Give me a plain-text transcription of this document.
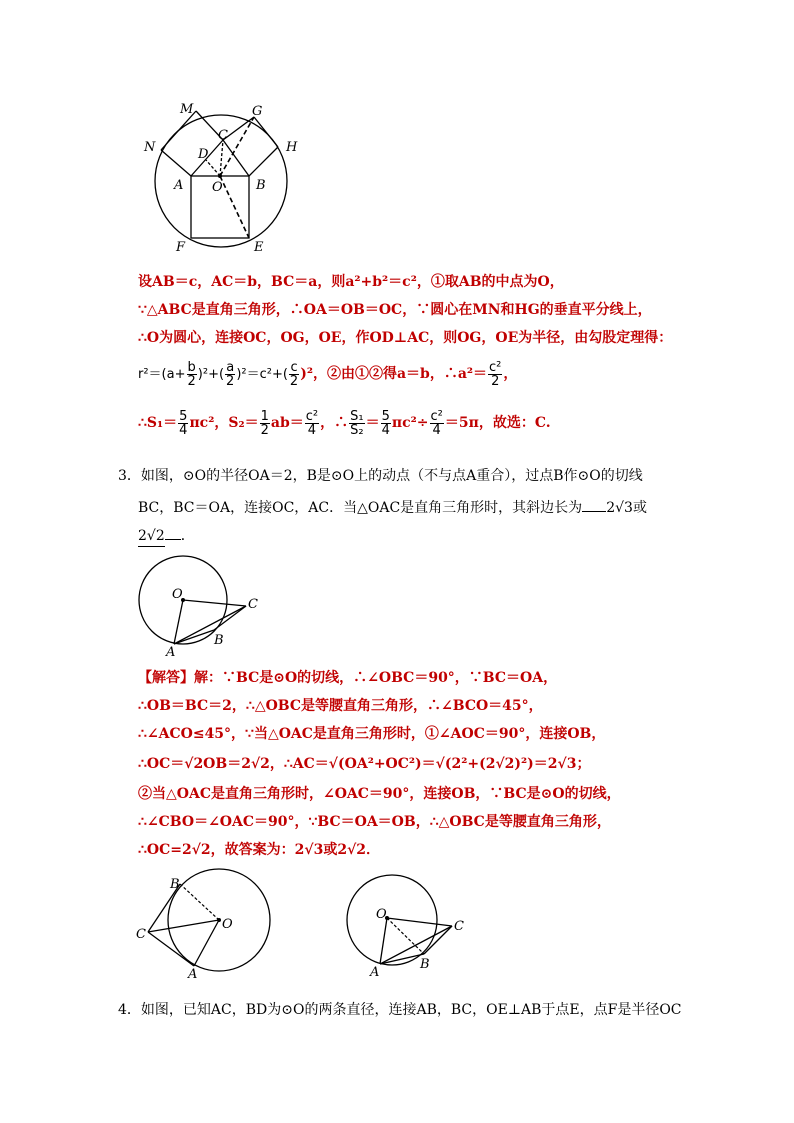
M	G
N
C
H
D
A O	B
F	E
设AB＝c，AC＝b，BC＝a，则a²+b²＝c²，①取AB的中点为O，
∵△ABC是直角三角形，∴OA＝OB＝OC，∵圆心在MN和HG的垂直平分线上，
∴O为圆心，连接OC，OG，OE，作OD⊥AC，则OG，OE为半径，由勾股定理得：
$r^2=(a+ \frac{b}{2} )^2+( \frac{a}{2} )^2=c^2+( \frac{c}{2} )^2$，②由①②得a＝b，∴a²＝ $\frac{\text{c²}}{2}$ ，
∴S₁＝ $\frac{5}{4} \pi c^2$，$S_2= \frac{1}{2} ab= \frac{\text{c²}}{4}$ ，∴ $\frac{\text{S₁}}{\text{S₂}} = \frac{5}{4} \pi c^2\div \frac{\text{c²}}{4} =5\pi$，故选：C.
3．如图，⊙O的半径OA＝2，B是⊙O上的动点（不与点A重合），过点B作⊙O的切线
BC，BC＝OA，连接OC，AC．当△OAC是直角三角形时，其斜边长为 2√3或
2√2 ．
O
C
A
B
【解答】解：∵BC是⊙O的切线，∴∠OBC＝90°，∵BC＝OA，
∴OB＝BC＝2，∴△OBC是等腰直角三角形，∴∠BCO＝45°，
∴∠ACO≤45°，∵当△OAC是直角三角形时，①∠AOC＝90°，连接OB，
∴OC＝√2OB＝2√2，∴AC＝√(OA²+OC²)＝√(2²+(2√2)²)＝2√3；
②当△OAC是直角三角形时，∠OAC＝90°，连接OB，∵BC是⊙O的切线，
∴∠CBO＝∠OAC＝90°，∵BC＝OA＝OB，∴△OBC是等腰直角三角形，
∴OC=2√2，故答案为：2√3或2√2．
B
O
C
A
O
C
A
B
4．如图，已知AC，BD为⊙O的两条直径，连接AB，BC，OE⊥AB于点E，点F是半径OC
